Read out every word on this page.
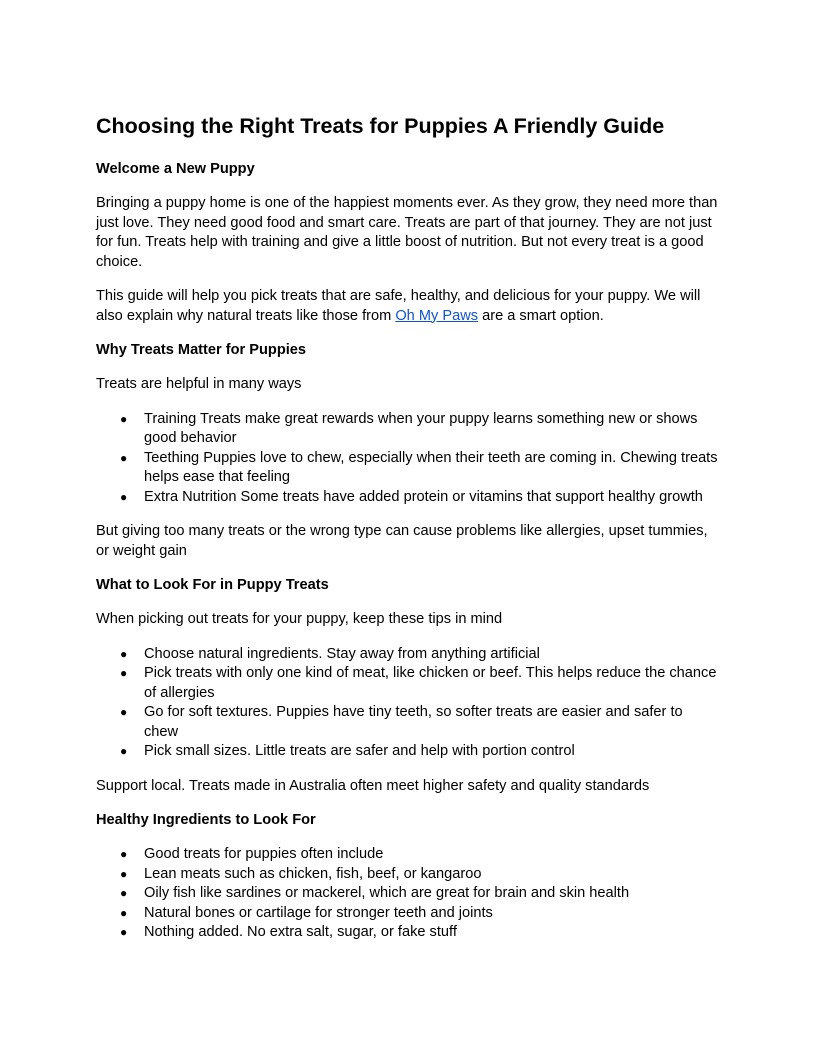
Choosing the Right Treats for Puppies A Friendly Guide
Welcome a New Puppy

Bringing a puppy home is one of the happiest moments ever. As they grow, they need more than just love. They need good food and smart care. Treats are part of that journey. They are not just for fun. Treats help with training and give a little boost of nutrition. But not every treat is a good choice.

This guide will help you pick treats that are safe, healthy, and delicious for your puppy. We will also explain why natural treats like those from Oh My Paws are a smart option.

Why Treats Matter for Puppies

Treats are helpful in many ways

● Training Treats make great rewards when your puppy learns something new or shows good behavior
● Teething Puppies love to chew, especially when their teeth are coming in. Chewing treats helps ease that feeling
● Extra Nutrition Some treats have added protein or vitamins that support healthy growth

But giving too many treats or the wrong type can cause problems like allergies, upset tummies, or weight gain

What to Look For in Puppy Treats

When picking out treats for your puppy, keep these tips in mind

● Choose natural ingredients. Stay away from anything artificial
● Pick treats with only one kind of meat, like chicken or beef. This helps reduce the chance of allergies
● Go for soft textures. Puppies have tiny teeth, so softer treats are easier and safer to chew
● Pick small sizes. Little treats are safer and help with portion control

Support local. Treats made in Australia often meet higher safety and quality standards

Healthy Ingredients to Look For
● Good treats for puppies often include
● Lean meats such as chicken, fish, beef, or kangaroo
● Oily fish like sardines or mackerel, which are great for brain and skin health
● Natural bones or cartilage for stronger teeth and joints
● Nothing added. No extra salt, sugar, or fake stuff
